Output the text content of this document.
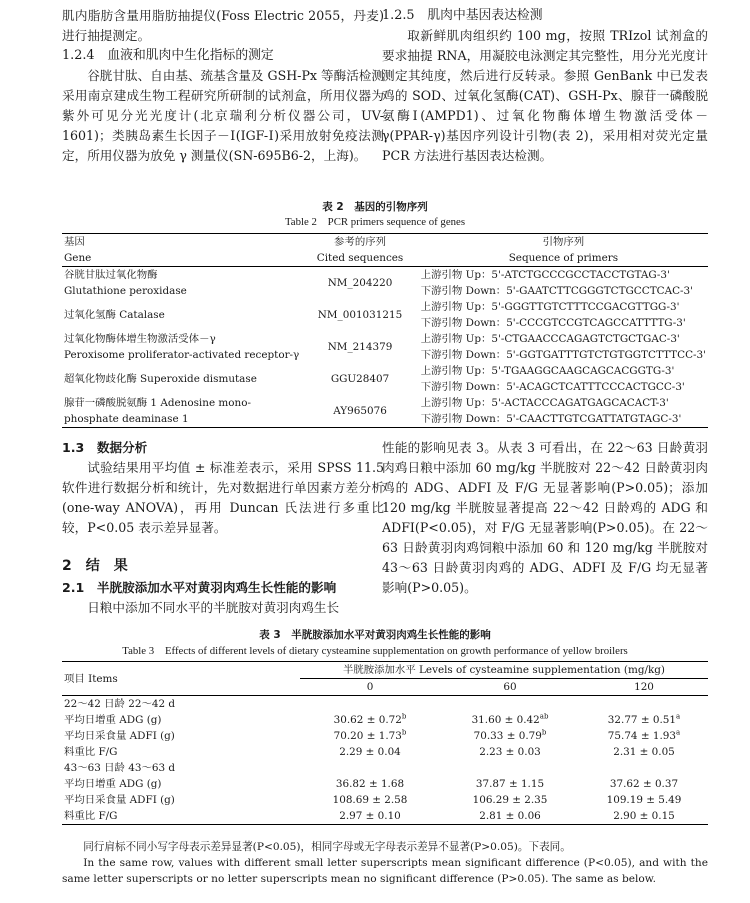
肌内脂肪含量用脂肪抽提仪(Foss Electric 2055，丹麦)进行抽提测定。

1.2.4　血液和肌肉中生化指标的测定

谷胱甘肽、自由基、巯基含量及 GSH-Px 等酶活检测采用南京建成生物工程研究所研制的试剂盒，所用仪器为紫外可见分光光度计(北京瑞利分析仪器公司，UV-1601)；类胰岛素生长因子－Ⅰ(IGF-Ⅰ)采用放射免疫法测定，所用仪器为放免 γ 测量仪(SN-695B6-2，上海)。

1.2.5　肌肉中基因表达检测

取新鲜肌肉组织约 100 mg，按照 TRIzol 试剂盒的要求抽提 RNA，用凝胶电泳测定其完整性，用分光光度计测定其纯度，然后进行反转录。参照 GenBank 中已发表鸡的 SOD、过氧化氢酶(CAT)、GSH-Px、腺苷一磷酸脱氨酶Ⅰ(AMPD1)、过氧化物酶体增生物激活受体－γ(PPAR-γ)基因序列设计引物(表 2)，采用相对荧光定量 PCR 方法进行基因表达检测。

表 2　基因的引物序列
Table 2　PCR primers sequence of genes
基因	参考的序列	引物序列
Gene	Cited sequences	Sequence of primers
谷胱甘肽过氧化物酶	NM_204220	上游引物 Up：5'-ATCTGCCCGCCTACCTGTAG-3'
Glutathione peroxidase		下游引物 Down：5'-GAATCTTCGGGTCTGCCTCAC-3'
过氧化氢酶 Catalase	NM_001031215	上游引物 Up：5'-GGGTTGTCTTTCCGACGTTGG-3'
		下游引物 Down：5'-CCCGTCCGTCAGCCATTTTG-3'
过氧化物酶体增生物激活受体－γ	NM_214379	上游引物 Up：5'-CTGAACCCAGAGTCTGCTGAC-3'
Peroxisome proliferator-activated receptor-γ		下游引物 Down：5'-GGTGATTTGTCTGTGGTCTTTCC-3'
超氧化物歧化酶 Superoxide dismutase	GGU28407	上游引物 Up：5'-TGAAGGCAAGCAGCACGGTG-3'
		下游引物 Down：5'-ACAGCTCATTTCCCACTGCC-3'
腺苷一磷酸脱氨酶 1 Adenosine mono-	AY965076	上游引物 Up：5'-ACTACCCAGATGAGCACACT-3'
phosphate deaminase 1		下游引物 Down：5'-CAACTTGTCGATTATGTAGC-3'

1.3　数据分析

试验结果用平均值 ± 标准差表示，采用 SPSS 11.5 软件进行数据分析和统计，先对数据进行单因素方差分析(one-way ANOVA)，再用 Duncan 氏法进行多重比较，P<0.05 表示差异显著。

2　结　果

2.1　半胱胺添加水平对黄羽肉鸡生长性能的影响

日粮中添加不同水平的半胱胺对黄羽肉鸡生长

性能的影响见表 3。从表 3 可看出，在 22～63 日龄黄羽肉鸡日粮中添加 60 mg/kg 半胱胺对 22～42 日龄黄羽肉鸡的 ADG、ADFI 及 F/G 无显著影响(P>0.05)；添加 120 mg/kg 半胱胺显著提高 22～42 日龄鸡的 ADG 和 ADFI(P<0.05)，对 F/G 无显著影响(P>0.05)。在 22～63 日龄黄羽肉鸡饲粮中添加 60 和 120 mg/kg 半胱胺对 43～63 日龄黄羽肉鸡的 ADG、ADFI 及 F/G 均无显著影响(P>0.05)。

表 3　半胱胺添加水平对黄羽肉鸡生长性能的影响
Table 3　Effects of different levels of dietary cysteamine supplementation on growth performance of yellow broilers
项目 Items	半胱胺添加水平 Levels of cysteamine supplementation (mg/kg)		
	0	60	120
22～42 日龄 22～42 d			
平均日增重 ADG (g)	30.62 ± 0.72$^b$	31.60 ± 0.42$^{ab}$	32.77 ± 0.51$^a$
平均日采食量 ADFI (g)	70.20 ± 1.73$^b$	70.33 ± 0.79$^b$	75.74 ± 1.93$^a$
料重比 F/G	2.29 ± 0.04	2.23 ± 0.03	2.31 ± 0.05
43～63 日龄 43～63 d			
平均日增重 ADG (g)	36.82 ± 1.68	37.87 ± 1.15	37.62 ± 0.37
平均日采食量 ADFI (g)	108.69 ± 2.58	106.29 ± 2.35	109.19 ± 5.49
料重比 F/G	2.97 ± 0.10	2.81 ± 0.06	2.90 ± 0.15

同行肩标不同小写字母表示差异显著(P<0.05)，相同字母或无字母表示差异不显著(P>0.05)。下表同。

In the same row, values with different small letter superscripts mean significant difference (P<0.05), and with the same letter superscripts or no letter superscripts mean no significant difference (P>0.05). The same as below.
